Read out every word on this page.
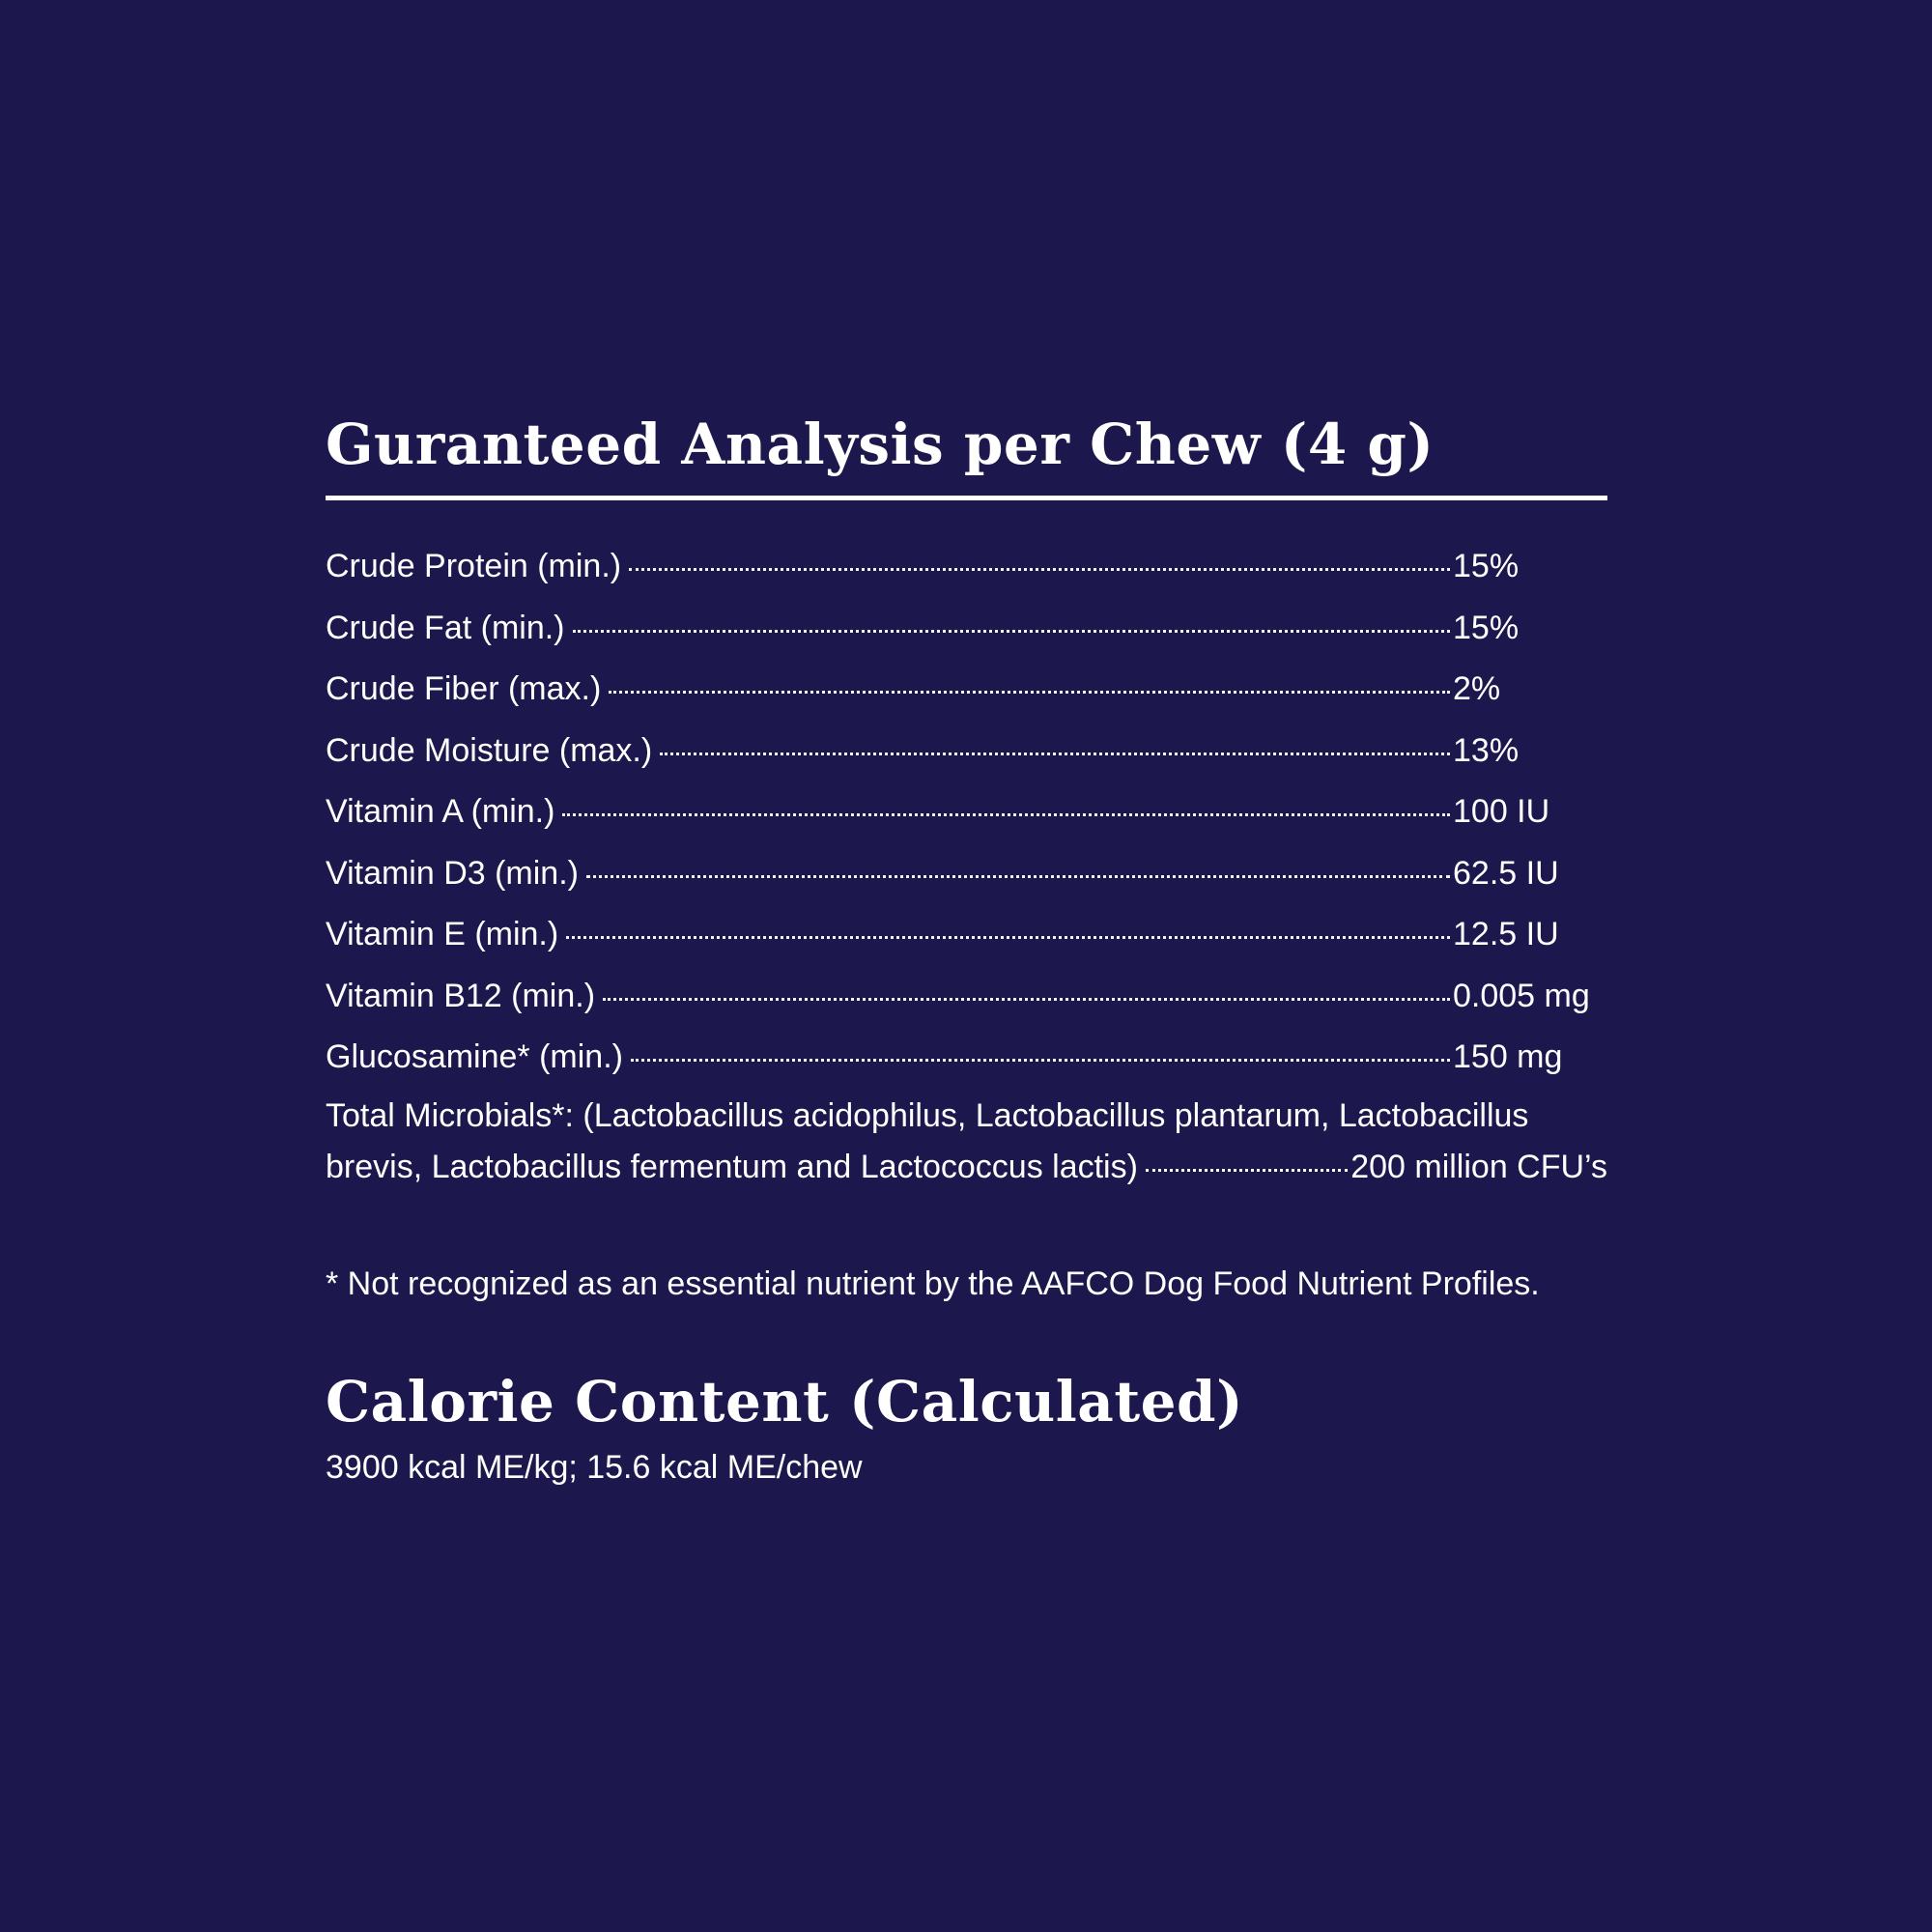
Guranteed Analysis per Chew (4 g)
Crude Protein (min.)	15%
Crude Fat (min.)	15%
Crude Fiber (max.)	2%
Crude Moisture (max.)	13%
Vitamin A (min.)	100 IU
Vitamin D3 (min.)	62.5 IU
Vitamin E (min.)	12.5 IU
Vitamin B12 (min.)	0.005 mg
Glucosamine* (min.)	150 mg
Total Microbials*: (Lactobacillus acidophilus, Lactobacillus plantarum, Lactobacillus
brevis, Lactobacillus fermentum and Lactococcus lactis)	200 million CFU’s
* Not recognized as an essential nutrient by the AAFCO Dog Food Nutrient Profiles.
Calorie Content (Calculated)
3900 kcal ME/kg; 15.6 kcal ME/chew
